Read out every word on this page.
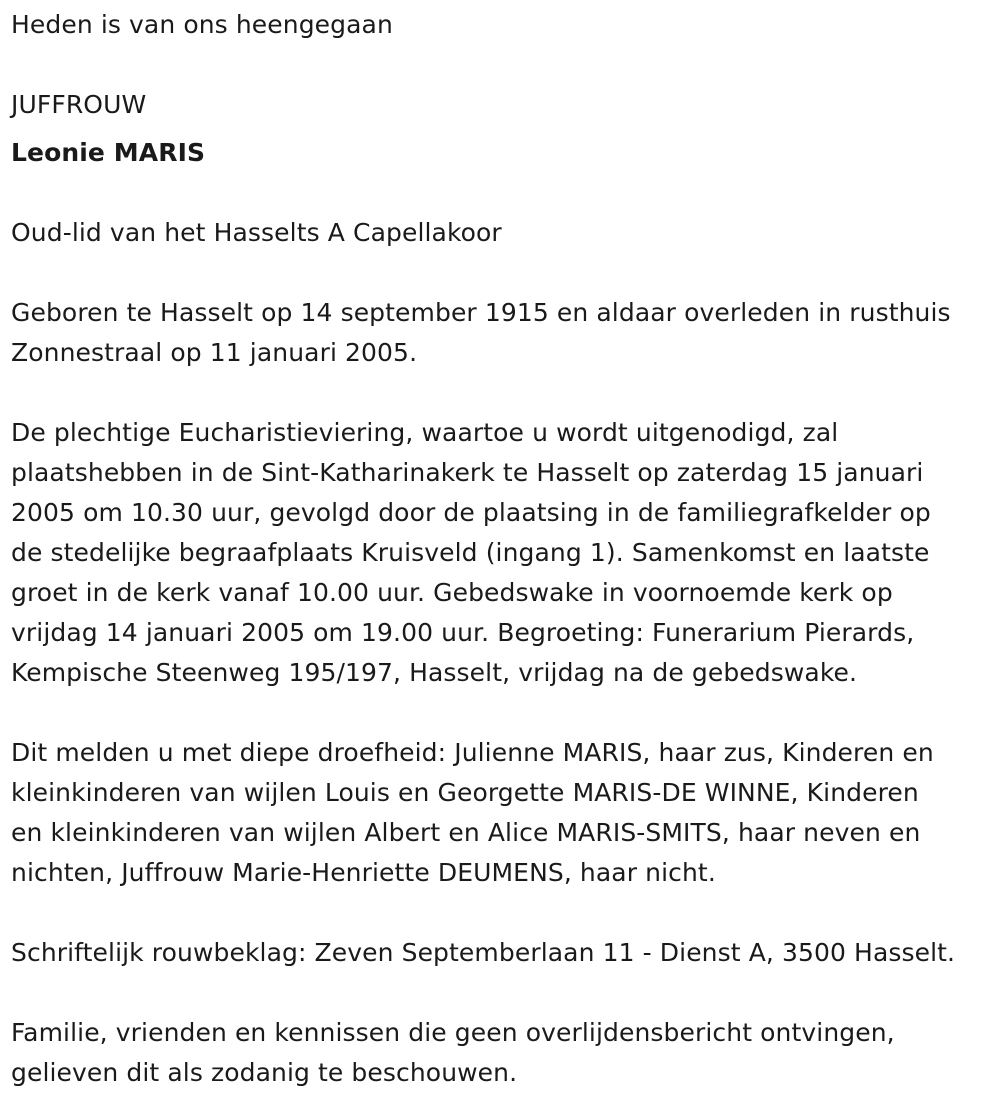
Heden is van ons heengegaan

JUFFROUW

Leonie MARIS

Oud-lid van het Hasselts A Capellakoor

Geboren te Hasselt op 14 september 1915 en aldaar overleden in rusthuis
Zonnestraal op 11 januari 2005.

De plechtige Eucharistieviering, waartoe u wordt uitgenodigd, zal
plaatshebben in de Sint-Katharinakerk te Hasselt op zaterdag 15 januari
2005 om 10.30 uur, gevolgd door de plaatsing in de familiegrafkelder op
de stedelijke begraafplaats Kruisveld (ingang 1). Samenkomst en laatste
groet in de kerk vanaf 10.00 uur. Gebedswake in voornoemde kerk op
vrijdag 14 januari 2005 om 19.00 uur. Begroeting: Funerarium Pierards,
Kempische Steenweg 195/197, Hasselt, vrijdag na de gebedswake.

Dit melden u met diepe droefheid: Julienne MARIS, haar zus, Kinderen en
kleinkinderen van wijlen Louis en Georgette MARIS-DE WINNE, Kinderen
en kleinkinderen van wijlen Albert en Alice MARIS-SMITS, haar neven en
nichten, Juffrouw Marie-Henriette DEUMENS, haar nicht.

Schriftelijk rouwbeklag: Zeven Septemberlaan 11 - Dienst A, 3500 Hasselt.

Familie, vrienden en kennissen die geen overlijdensbericht ontvingen,
gelieven dit als zodanig te beschouwen.
